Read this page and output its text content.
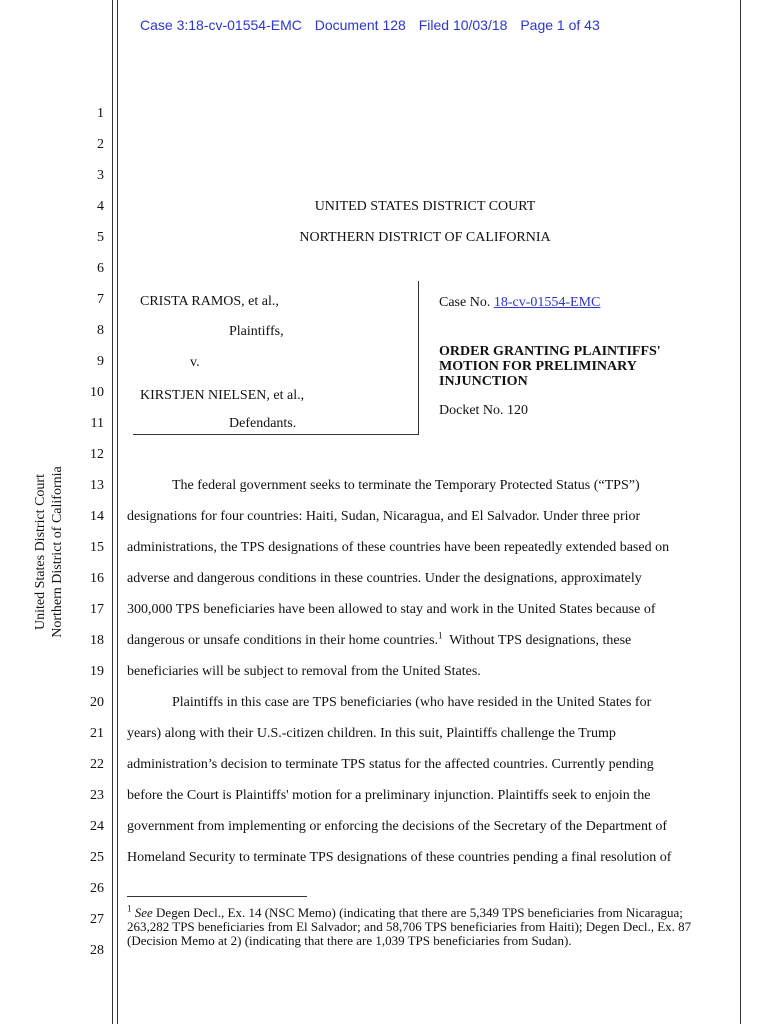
Case 3:18-cv-01554-EMC Document 128 Filed 10/03/18 Page 1 of 43
United States District Court Northern District of California
1
2
3
4
5
6
7
8
9
10
11
12
13
14
15
16
17
18
19
20
21
22
23
24
25
26
27
28
UNITED STATES DISTRICT COURT
NORTHERN DISTRICT OF CALIFORNIA
CRISTA RAMOS, et al.,
Plaintiffs,
v.
KIRSTJEN NIELSEN, et al.,
Defendants.
Case No. 18-cv-01554-EMC
ORDER GRANTING PLAINTIFFS' MOTION FOR PRELIMINARY INJUNCTION
Docket No. 120
The federal government seeks to terminate the Temporary Protected Status (“TPS”)
designations for four countries: Haiti, Sudan, Nicaragua, and El Salvador. Under three prior
administrations, the TPS designations of these countries have been repeatedly extended based on
adverse and dangerous conditions in these countries. Under the designations, approximately
300,000 TPS beneficiaries have been allowed to stay and work in the United States because of
dangerous or unsafe conditions in their home countries.$^1$ Without TPS designations, these
beneficiaries will be subject to removal from the United States.
Plaintiffs in this case are TPS beneficiaries (who have resided in the United States for
years) along with their U.S.-citizen children. In this suit, Plaintiffs challenge the Trump
administration’s decision to terminate TPS status for the affected countries. Currently pending
before the Court is Plaintiffs' motion for a preliminary injunction. Plaintiffs seek to enjoin the
government from implementing or enforcing the decisions of the Secretary of the Department of
Homeland Security to terminate TPS designations of these countries pending a final resolution of
$^1$ See Degen Decl., Ex. 14 (NSC Memo) (indicating that there are 5,349 TPS beneficiaries from Nicaragua; 263,282 TPS beneficiaries from El Salvador; and 58,706 TPS beneficiaries from Haiti); Degen Decl., Ex. 87 (Decision Memo at 2) (indicating that there are 1,039 TPS beneficiaries from Sudan).
